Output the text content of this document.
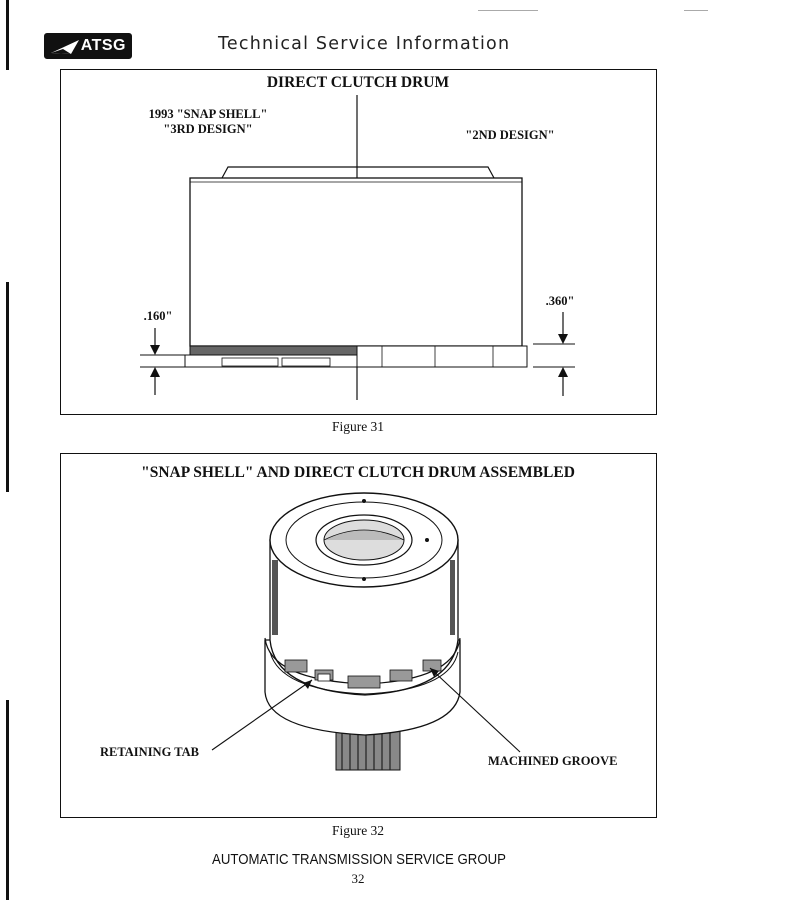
ATSG	Technical Service Information
DIRECT CLUTCH DRUM
1993 "SNAP SHELL"
"3RD DESIGN"	"2ND DESIGN"
.160"
.360"
Figure 31
"SNAP SHELL" AND DIRECT CLUTCH DRUM ASSEMBLED
RETAINING TAB
MACHINED GROOVE
Figure 32
AUTOMATIC TRANSMISSION SERVICE GROUP
32
